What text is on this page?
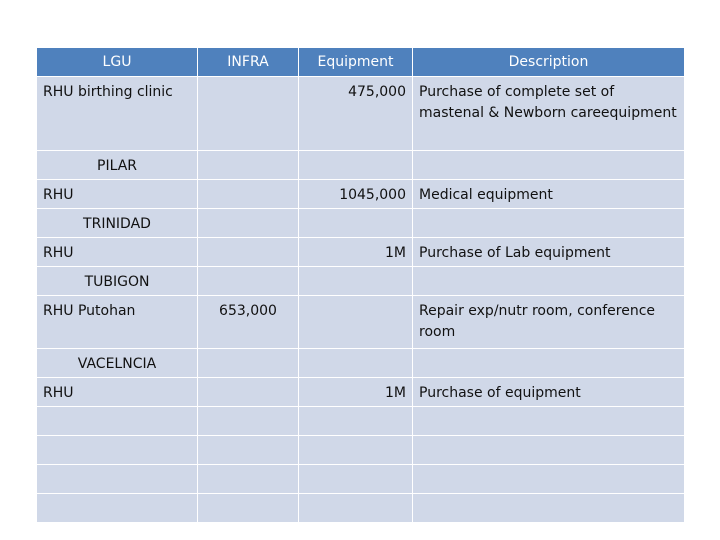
LGU	INFRA	Equipment	Description
RHU birthing clinic		475,000	Purchase of complete set of mastenal & Newborn careequipment
PILAR			
RHU		1045,000	Medical equipment
TRINIDAD			
RHU		1M	Purchase of Lab equipment
TUBIGON			
RHU Putohan	653,000		Repair exp/nutr room, conference room
VACELNCIA			
RHU		1M	Purchase of equipment
